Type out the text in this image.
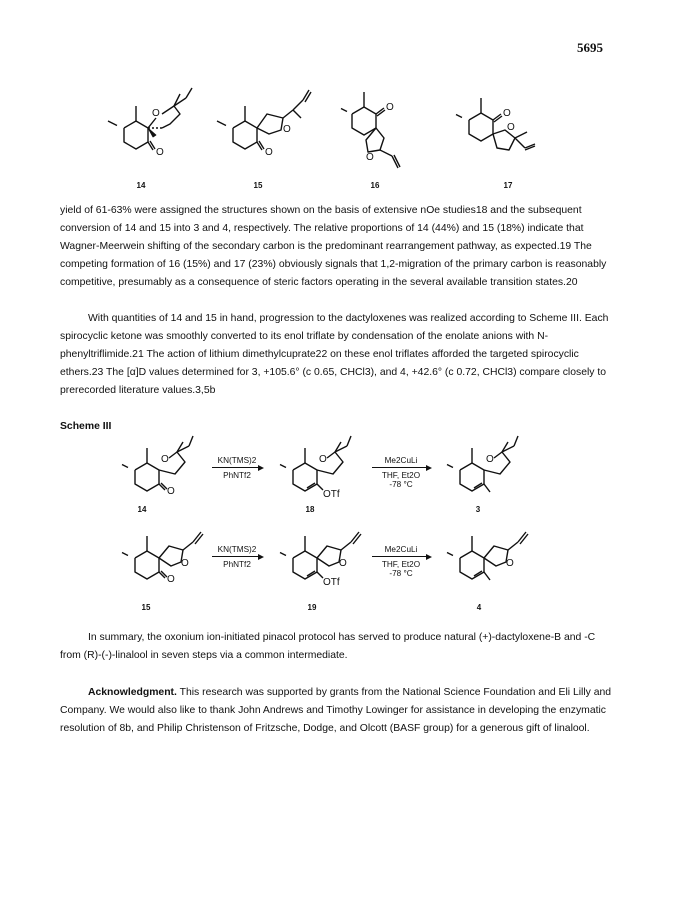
5695
O
O
O
O
O
O
O
O
14	15	16	17

yield of 61-63% were assigned the structures shown on the basis of extensive nOe studies18 and the subsequent conversion of 14 and 15 into 3 and 4, respectively. The relative proportions of 14 (44%) and 15 (18%) indicate that Wagner-Meerwein shifting of the secondary carbon is the predominant rearrangement pathway, as expected.19 The competing formation of 16 (15%) and 17 (23%) obviously signals that 1,2-migration of the primary carbon is reasonably competitive, presumably as a consequence of steric factors operating in the several available transition states.20

With quantities of 14 and 15 in hand, progression to the dactyloxenes was realized according to Scheme III. Each spirocyclic ketone was smoothly converted to its enol triflate by condensation of the enolate anions with N-phenyltriflimide.21 The action of lithium dimethylcuprate22 on these enol triflates afforded the targeted spirocyclic ethers.23 The [α]D values determined for 3, +105.6° (c 0.65, CHCl3), and 4, +42.6° (c 0.72, CHCl3) compare closely to prerecorded literature values.3,5b

Scheme III
O
O
OTf
O	O
14	18	3
KN(TMS)2
PhNTf2
Me2CuLi
THF, Et2O
-78 °C
O
O
OTf
O	O
15	19	4
KN(TMS)2
PhNTf2
Me2CuLi
THF, Et2O
-78 °C

In summary, the oxonium ion-initiated pinacol protocol has served to produce natural (+)-dactyloxene-B and -C from (R)-(-)-linalool in seven steps via a common intermediate.

Acknowledgment. This research was supported by grants from the National Science Foundation and Eli Lilly and Company. We would also like to thank John Andrews and Timothy Lowinger for assistance in developing the enzymatic resolution of 8b, and Philip Christenson of Fritzsche, Dodge, and Olcott (BASF group) for a generous gift of linalool.
